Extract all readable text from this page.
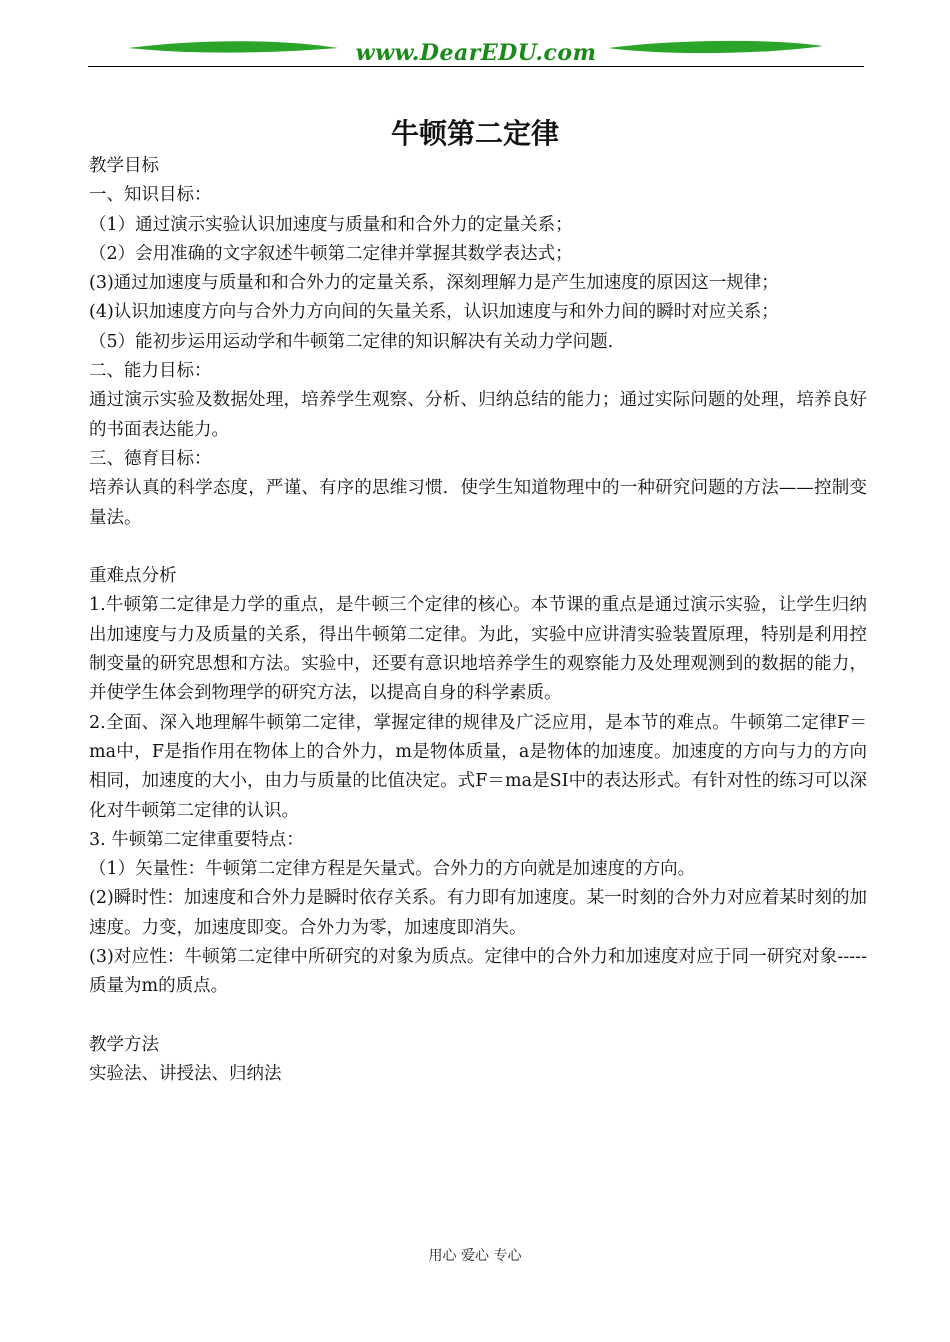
www.DearEDU.com
牛顿第二定律

教学目标

一、知识目标：

（1）通过演示实验认识加速度与质量和和合外力的定量关系；

（2）会用准确的文字叙述牛顿第二定律并掌握其数学表达式；

(3)通过加速度与质量和和合外力的定量关系，深刻理解力是产生加速度的原因这一规律；

(4)认识加速度方向与合外力方向间的矢量关系，认识加速度与和外力间的瞬时对应关系；

（5）能初步运用运动学和牛顿第二定律的知识解决有关动力学问题.

二、能力目标：

通过演示实验及数据处理，培养学生观察、分析、归纳总结的能力；通过实际问题的处理，培养良好的书面表达能力。

三、德育目标：

培养认真的科学态度，严谨、有序的思维习惯．使学生知道物理中的一种研究问题的方法——控制变量法。

重难点分析

1.牛顿第二定律是力学的重点，是牛顿三个定律的核心。本节课的重点是通过演示实验，让学生归纳出加速度与力及质量的关系，得出牛顿第二定律。为此，实验中应讲清实验装置原理，特别是利用控制变量的研究思想和方法。实验中，还要有意识地培养学生的观察能力及处理观测到的数据的能力，并使学生体会到物理学的研究方法，以提高自身的科学素质。

2.全面、深入地理解牛顿第二定律，掌握定律的规律及广泛应用，是本节的难点。牛顿第二定律F＝ma中，F是指作用在物体上的合外力，m是物体质量，a是物体的加速度。加速度的方向与力的方向相同，加速度的大小，由力与质量的比值决定。式F＝ma是SI中的表达形式。有针对性的练习可以深化对牛顿第二定律的认识。

3. 牛顿第二定律重要特点：

（1）矢量性：牛顿第二定律方程是矢量式。合外力的方向就是加速度的方向。

(2)瞬时性：加速度和合外力是瞬时依存关系。有力即有加速度。某一时刻的合外力对应着某时刻的加速度。力变，加速度即变。合外力为零，加速度即消失。

(3)对应性：牛顿第二定律中所研究的对象为质点。定律中的合外力和加速度对应于同一研究对象-----质量为m的质点。

教学方法

实验法、讲授法、归纳法

用心 爱心 专心
